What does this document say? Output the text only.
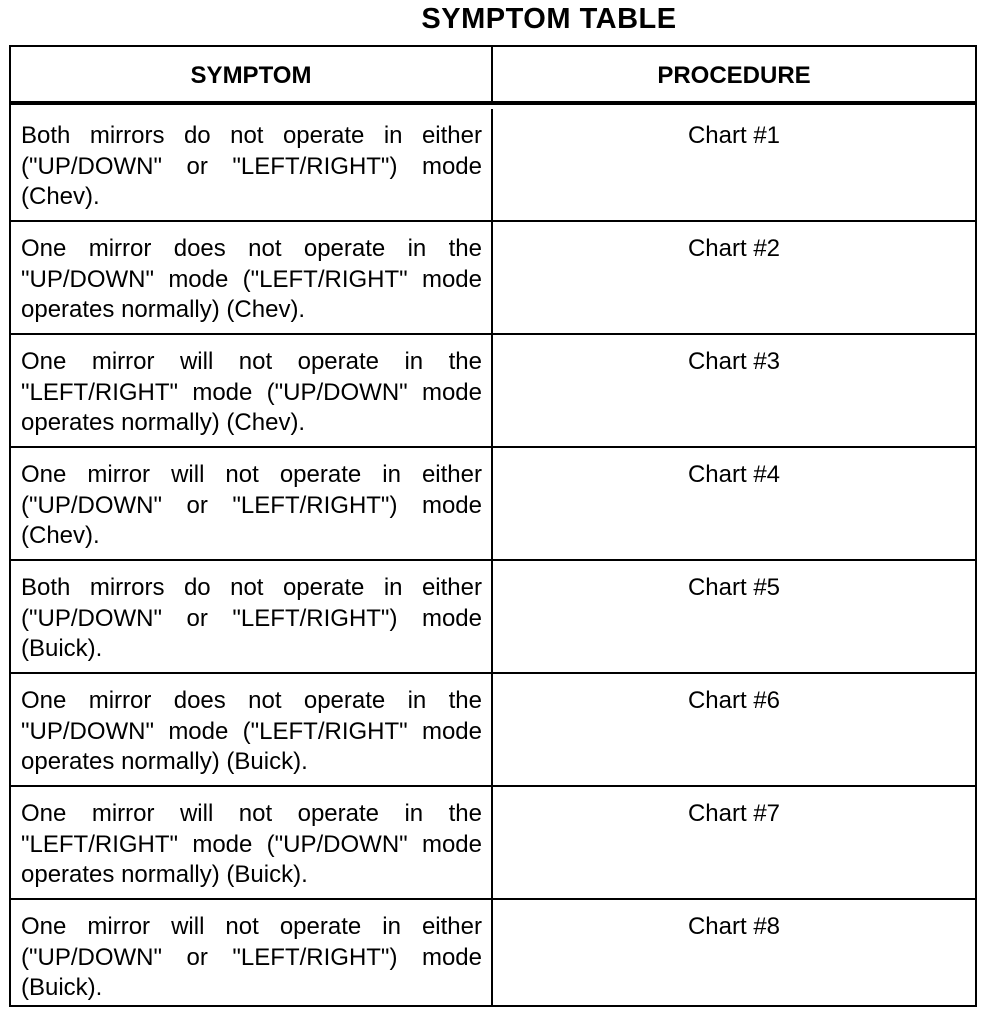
SYMPTOM TABLE
SYMPTOM	PROCEDURE
Both mirrors do not operate in either ("UP/DOWN" or "LEFT/RIGHT") mode (Chev).
Chart #1
One mirror does not operate in the "UP/DOWN" mode ("LEFT/RIGHT" mode operates normally) (Chev).
Chart #2
One mirror will not operate in the "LEFT/RIGHT" mode ("UP/DOWN" mode operates normally) (Chev).
Chart #3
One mirror will not operate in either ("UP/DOWN" or "LEFT/RIGHT") mode (Chev).
Chart #4
Both mirrors do not operate in either ("UP/DOWN" or "LEFT/RIGHT") mode (Buick).
Chart #5
One mirror does not operate in the "UP/DOWN" mode ("LEFT/RIGHT" mode operates normally) (Buick).
Chart #6
One mirror will not operate in the "LEFT/RIGHT" mode ("UP/DOWN" mode operates normally) (Buick).
Chart #7
One mirror will not operate in either ("UP/DOWN" or "LEFT/RIGHT") mode (Buick).
Chart #8
